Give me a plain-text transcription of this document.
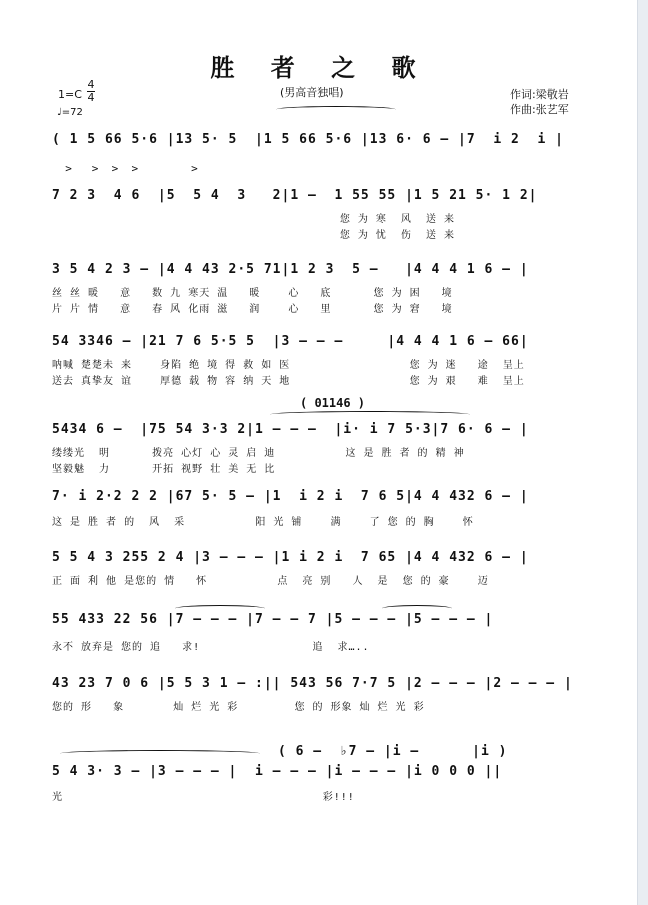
胜 者 之 歌
(男高音独唱)
1=C
4
4
♩=72
作词:梁敬岩
作曲:张艺军
( 1 5 66 5·6 |13 5· 5  |1 5 66 5·6 |13 6· 6 — |7  i 2  i |
>   >  >  >        >
7 2 3  4 6  |5  5 4  3   2|1 —  1 55 55 |1 5 21 5· 1 2|
您 为 寒  风  送 来
您 为 忧  伤  送 来
3 5 4 2 3 — |4 4 43 2·5 71|1 2 3  5 —   |4 4 4 1 6 — |
丝 丝 暖   意   数 九 寒天 温   暖    心   底      您 为 困   境
片 片 情   意   春 风 化雨 滋   润    心   里      您 为 窘   境
54 3346 — |21 7 6 5·5 5  |3 — — —     |4 4 4 1 6 — 66|
呐喊 楚楚未 来    身陷 绝 境 得 救 如 医                 您 为 迷   途  呈上
送去 真挚友 谊    厚德 载 物 容 纳 天 地                 您 为 艰   难  呈上
( 01146 )
5434 6 —  |75 54 3·3 2|1 — — —  |i· i 7 5·3|7 6· 6 — |
缕缕光  明      拨亮 心灯 心 灵 启 迪          这 是 胜 者 的 精 神
坚毅魅  力      开拓 视野 壮 美 无 比
7· i 2·2 2 2 |67 5· 5 — |1  i 2 i  7 6 5|4 4 432 6 — |
这 是 胜 者 的  风  采          阳 光 铺    满    了 您 的 胸    怀
5 5 4 3 255 2 4 |3 — — — |1 i 2 i  7 65 |4 4 432 6 — |
正 面 利 他 是您的 情   怀          点  亮 别   人  是  您 的 豪    迈
55 433 22 56 |7 — — — |7 — — 7 |5 — — — |5 — — — |
永不 放弃是 您的 追   求!                追  求…..
43 23 7 0 6 |5 5 3 1 — :|| 543 56 7·7 5 |2 — — — |2 — — — |
您的 形   象       灿 烂 光 彩        您 的 形象 灿 烂 光 彩
( 6 —  ♭7 — |i —      |i )
5 4 3· 3 — |3 — — — |  i — — — |i — — — |i 0 0 0 ||
光                                     彩!!!
